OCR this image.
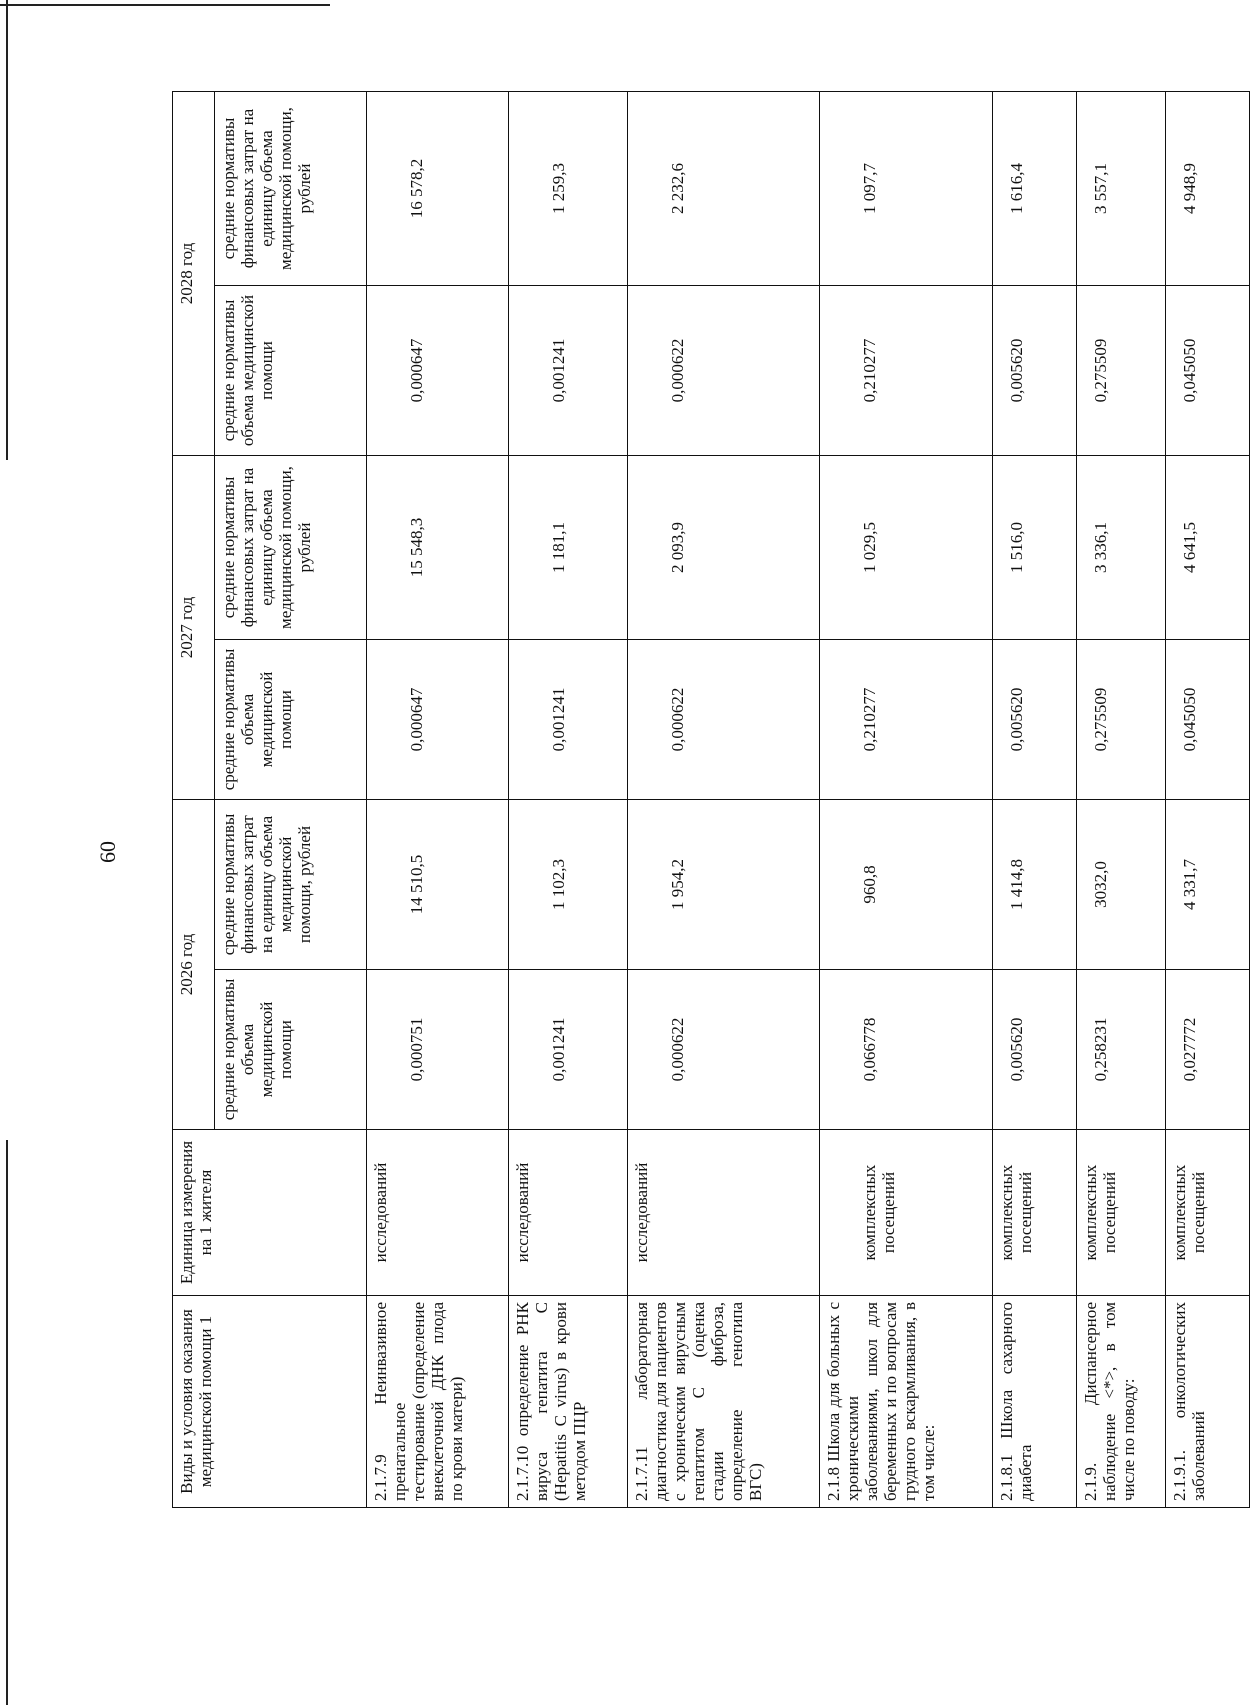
60
Виды и условия оказания медицинской помощи 1	Единица измерения на 1 жителя	2026 год		2027 год		2028 год	
		средние нормативы объема медицинской помощи	средние нормативы финансовых затрат на единицу объема медицинской помощи, рублей	средние нормативы объема медицинской помощи	средние нормативы финансовых затрат на единицу объема медицинской помощи, рублей	средние нормативы объема медицинской помощи	средние нормативы финансовых затрат на единицу объема медицинской помощи, рублей
2.1.7.9 Неинвазивное пренатальное тестирование (определение внеклеточной ДНК плода по крови матери)	исследований	0,000751	14 510,5	0,000647	15 548,3	0,000647	16 578,2
2.1.7.10 определение РНК вируса гепатита С (Hepatitis C virus) в крови методом ПЦР	исследований	0,001241	1 102,3	0,001241	1 181,1	0,001241	1 259,3
2.1.7.11 лабораторная диагностика для пациентов с хроническим вирусным гепатитом С (оценка стадии фиброза, определение генотипа ВГС)	исследований	0,000622	1 954,2	0,000622	2 093,9	0,000622	2 232,6
2.1.8 Школа для больных с хроническими заболеваниями, школ для беременных и по вопросам грудного вскармливания, в том числе:	комплексных посещений	0,066778	960,8	0,210277	1 029,5	0,210277	1 097,7
2.1.8.1 Школа сахарного диабета	комплексных посещений	0,005620	1 414,8	0,005620	1 516,0	0,005620	1 616,4
2.1.9. Диспансерное наблюдение <*>, в том числе по поводу:	комплексных посещений	0,258231	3032,0	0,275509	3 336,1	0,275509	3 557,1
2.1.9.1. онкологических заболеваний	комплексных посещений	0,027772	4 331,7	0,045050	4 641,5	0,045050	4 948,9
